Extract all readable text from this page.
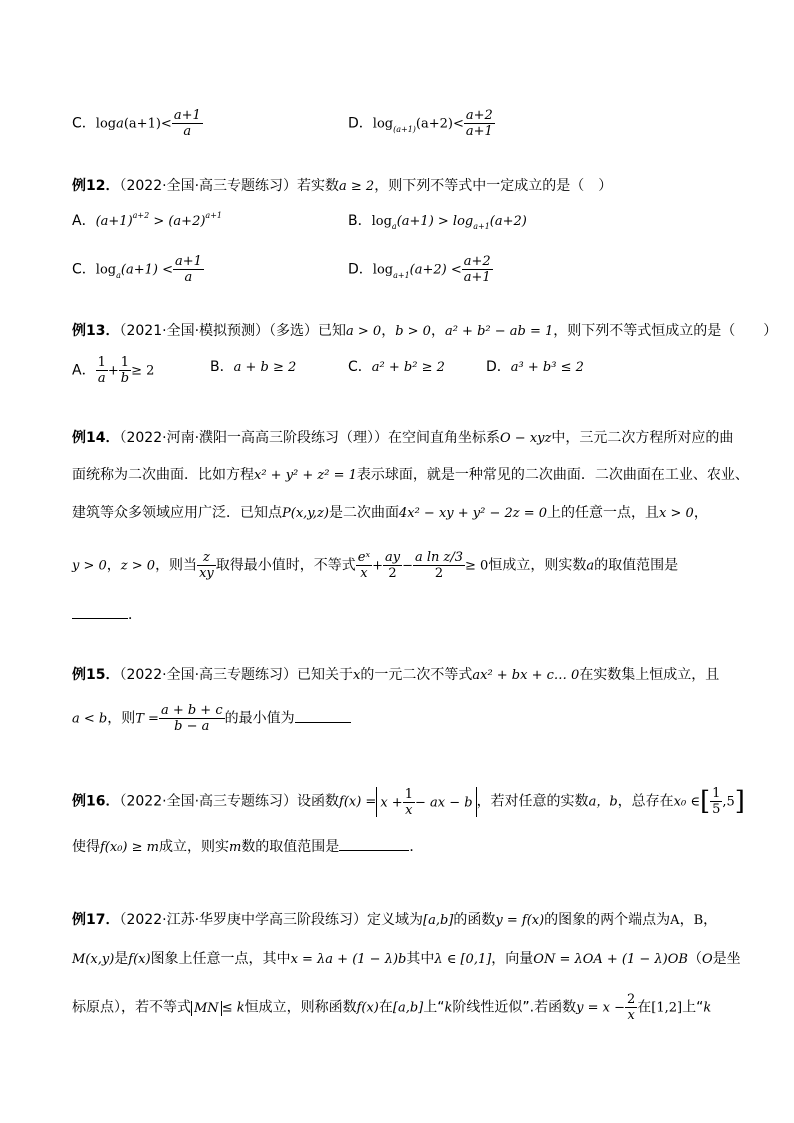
C．$\log a(a+1)< \frac{a+1}{a}$	D．$\log_{(a+1)}(a+2)< \frac{a+2}{a+1}$
例12．（2022·全国·高三专题练习）若实数a ≥ 2，则下列不等式中一定成立的是（　）
A．$(a+1)^{a+2} > (a+2)^{a+1}$	B．$\log_a(a+1) > \log_{a+1}(a+2)$
C．$\log_a(a+1) < \frac{a+1}{a}$	D．$\log_{a+1}(a+2) < \frac{a+2}{a+1}$
例13．（2021·全国·模拟预测）（多选）已知a > 0，b > 0，a² + b² − ab = 1，则下列不等式恒成立的是（　　）
A． $\frac{1}{a} + \frac{1}{b} \ge 2$	B．a + b ≥ 2	C．a² + b² ≥ 2	D．a³ + b³ ≤ 2
例14．（2022·河南·濮阳一高高三阶段练习（理））在空间直角坐标系O − xyz中，三元二次方程所对应的曲
面统称为二次曲面．比如方程x² + y² + z² = 1表示球面，就是一种常见的二次曲面．二次曲面在工业、农业、
建筑等众多领域应用广泛．已知点P(x,y,z)是二次曲面4x² − xy + y² − 2z = 0上的任意一点，且x > 0，
y > 0，z > 0，则当 $\frac{z}{xy}$ 取得最小值时，不等式 $\frac{\text{eˣ}}{x} + \frac{ay}{2} - \frac{\text{a ln z/3}}{2} \ge 0$恒成立，则实数a的取值范围是
．
例15．（2022·全国·高三专题练习）已知关于x的一元二次不等式ax² + bx + c… 0在实数集上恒成立，且
a < b，则$T = \frac{a + b + c}{b - a}$ 的最小值为
例16．（2022·全国·高三专题练习）设函数$f(x) = x + \frac{1}{x}$ − ax − b ，若对任意的实数a，b，总存在x₀ ∈[ $\frac{1}{5} ,5$]
使得f(x₀) ≥ m成立，则实m数的取值范围是	．
例17．（2022·江苏·华罗庚中学高三阶段练习）定义域为[a,b]的函数y = f(x)的图象的两个端点为A，B，
M(x,y)是f(x)图象上任意一点，其中x = λa + (1 − λ)b其中λ ∈ [0,1]，向量ON = λOA + (1 − λ)OB（O是坐
标原点），若不等式 MN ≤ k恒成立，则称函数f(x)在[a,b]上“k阶线性近似”.若函数$y = x - \frac{2}{x}$ 在[1,2]上“k
